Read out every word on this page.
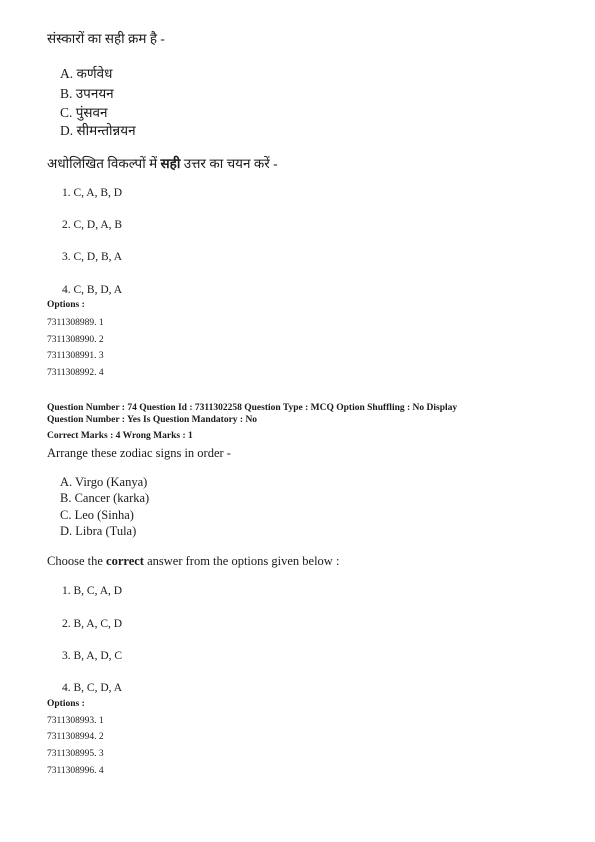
संस्कारों का सही क्रम है -
A. कर्णवेध
B. उपनयन
C. पुंसवन
D. सीमन्तोन्नयन
अधोलिखित विकल्पों में सही उत्तर का चयन करें -
1. C, A, B, D
2. C, D, A, B
3. C, D, B, A
4. C, B, D, A
Options :
7311308989. 1
7311308990. 2
7311308991. 3
7311308992. 4
Question Number : 74 Question Id : 7311302258 Question Type : MCQ Option Shuffling : No Display
Question Number : Yes Is Question Mandatory : No
Correct Marks : 4 Wrong Marks : 1
Arrange these zodiac signs in order -
A. Virgo (Kanya)
B. Cancer (karka)
C. Leo (Sinha)
D. Libra (Tula)
Choose the correct answer from the options given below :
1. B, C, A, D
2. B, A, C, D
3. B, A, D, C
4. B, C, D, A
Options :
7311308993. 1
7311308994. 2
7311308995. 3
7311308996. 4
